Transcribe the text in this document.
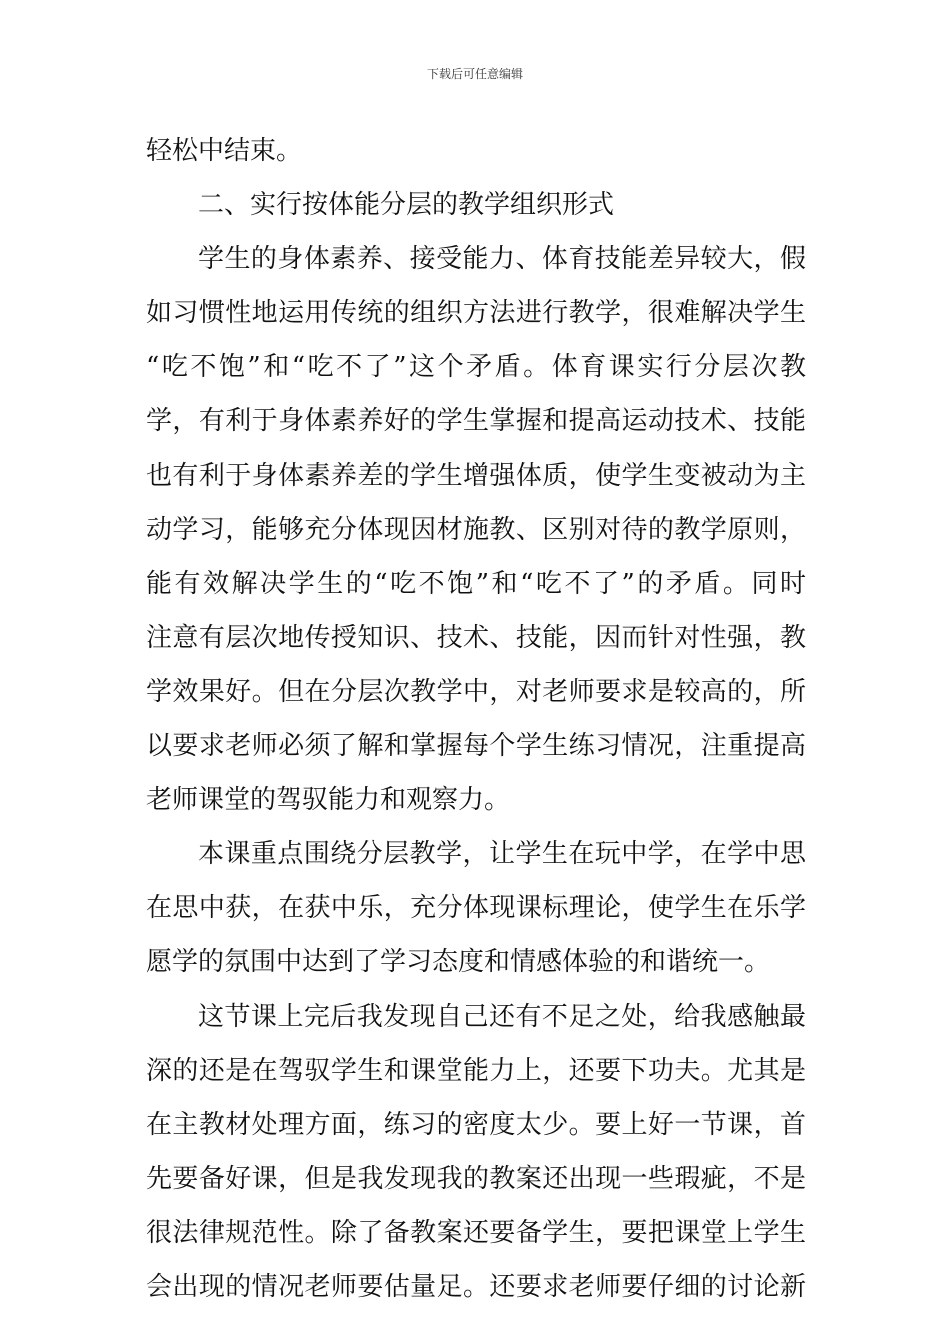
下载后可任意编辑
轻松中结束。
二、实行按体能分层的教学组织形式
学生的身体素养、接受能力、体育技能差异较大，假
如习惯性地运用传统的组织方法进行教学，很难解决学生
“吃不饱”和“吃不了”这个矛盾。体育课实行分层次教
学，有利于身体素养好的学生掌握和提高运动技术、技能
也有利于身体素养差的学生增强体质，使学生变被动为主
动学习，能够充分体现因材施教、区别对待的教学原则，
能有效解决学生的“吃不饱”和“吃不了”的矛盾。同时
注意有层次地传授知识、技术、技能，因而针对性强，教
学效果好。但在分层次教学中，对老师要求是较高的，所
以要求老师必须了解和掌握每个学生练习情况，注重提高
老师课堂的驾驭能力和观察力。
本课重点围绕分层教学，让学生在玩中学，在学中思
在思中获，在获中乐，充分体现课标理论，使学生在乐学
愿学的氛围中达到了学习态度和情感体验的和谐统一。
这节课上完后我发现自己还有不足之处，给我感触最
深的还是在驾驭学生和课堂能力上，还要下功夫。尤其是
在主教材处理方面，练习的密度太少。要上好一节课，首
先要备好课，但是我发现我的教案还出现一些瑕疵，不是
很法律规范性。除了备教案还要备学生，要把课堂上学生
会出现的情况老师要估量足。还要求老师要仔细的讨论新
